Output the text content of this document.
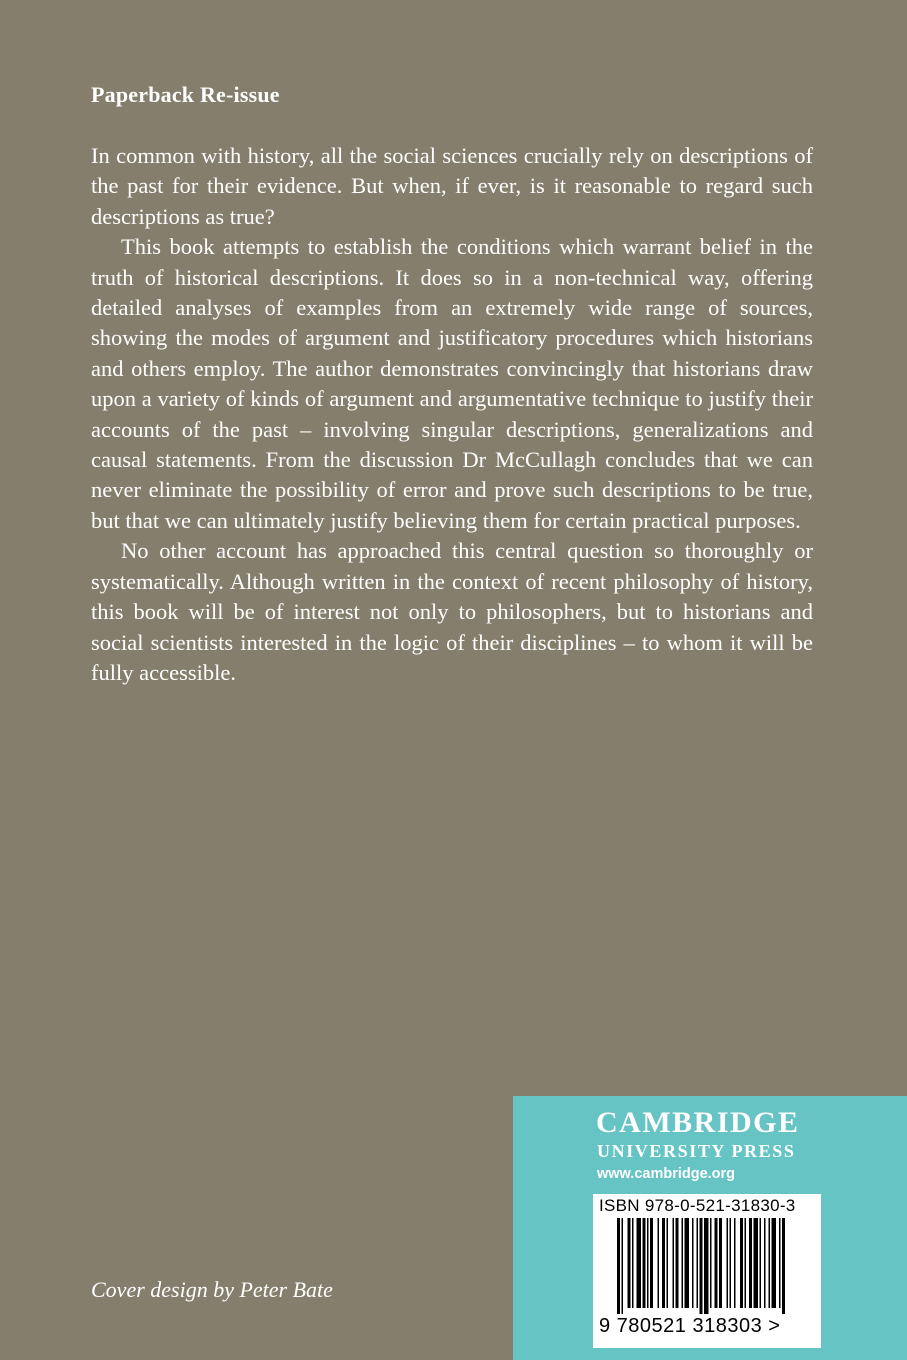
Paperback Re-issue

In common with history, all the social sciences crucially rely on descriptions of the past for their evidence. But when, if ever, is it reasonable to regard such descriptions as true?

This book attempts to establish the conditions which warrant belief in the truth of historical descriptions. It does so in a non-technical way, offering detailed analyses of examples from an extremely wide range of sources, showing the modes of argument and justificatory procedures which historians and others employ. The author demonstrates convincingly that historians draw upon a variety of kinds of argument and argumentative technique to justify their accounts of the past – involving singular descriptions, generalizations and causal statements. From the discussion Dr McCullagh concludes that we can never eliminate the possibility of error and prove such descriptions to be true, but that we can ultimately justify believing them for certain practical purposes.

No other account has approached this central question so thoroughly or systematically. Although written in the context of recent philosophy of history, this book will be of interest not only to philosophers, but to historians and social scientists interested in the logic of their disciplines – to whom it will be fully accessible.

Cover design by Peter Bate
CAMBRIDGE
UNIVERSITY PRESS
www.cambridge.org
ISBN 978-0-521-31830-3
9 780521 318303 >
